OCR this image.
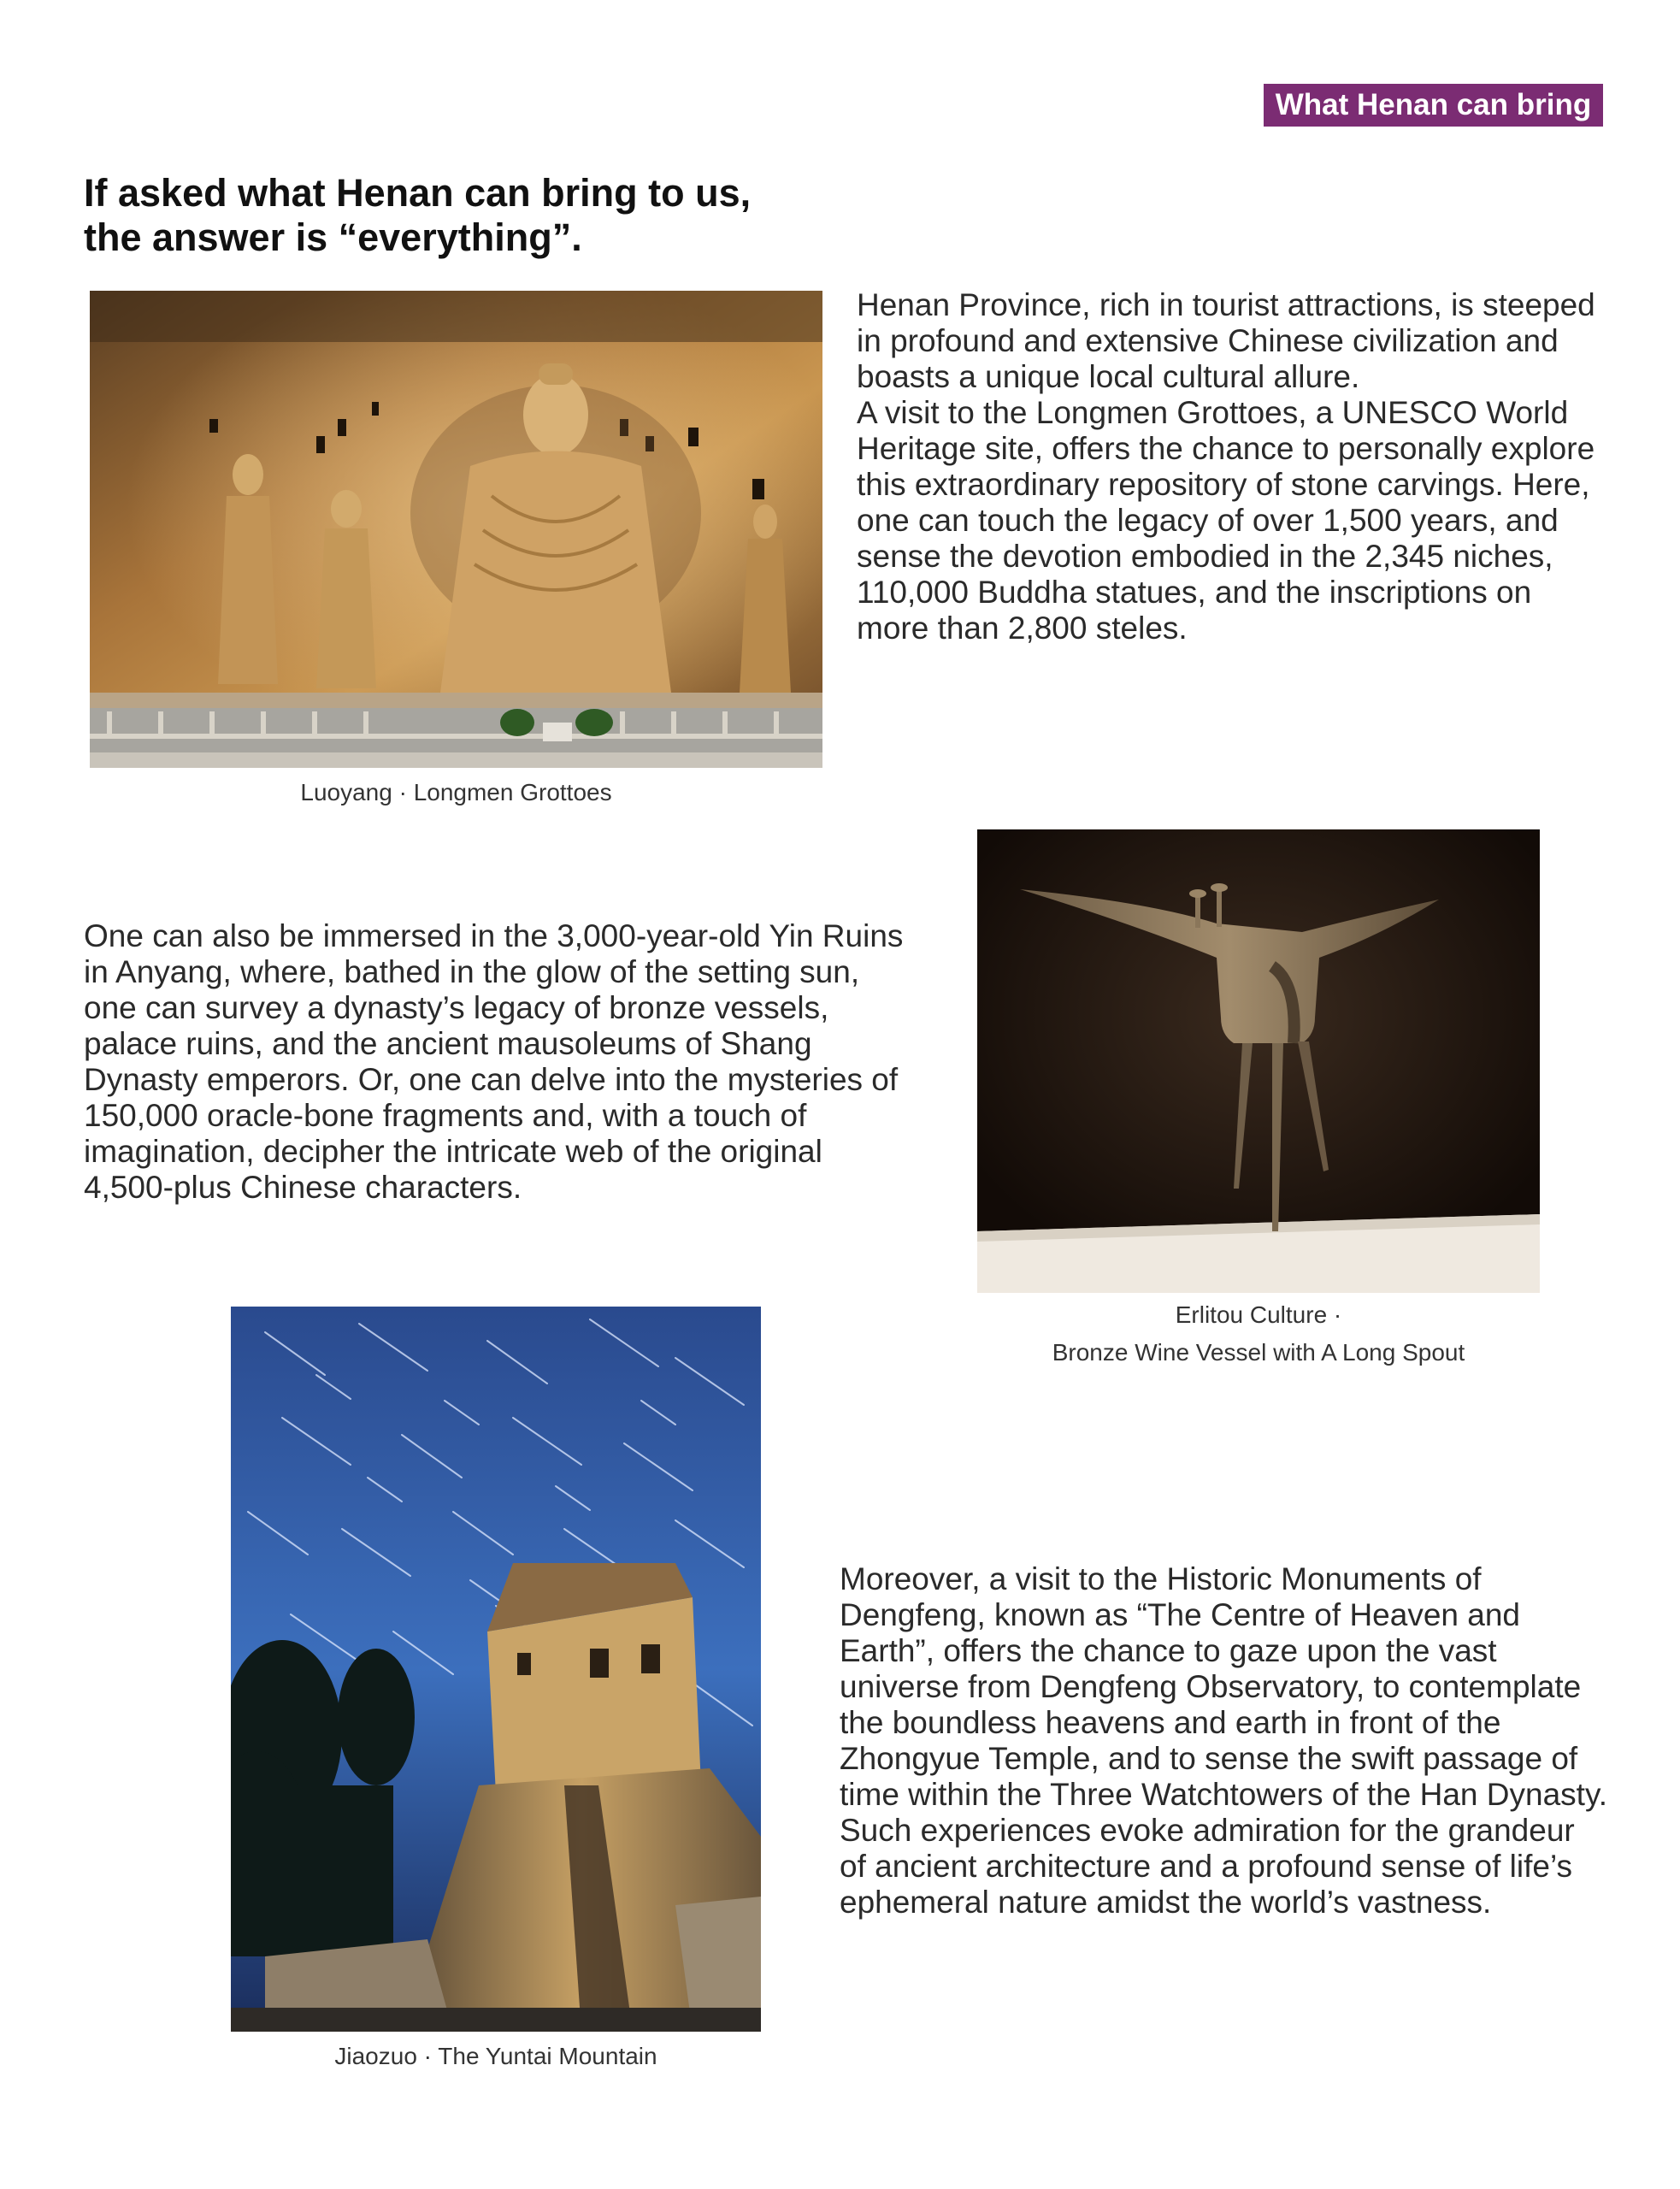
What Henan can bring
If asked what Henan can bring to us,
the answer is “everything”.
Luoyang · Longmen Grottoes

Henan Province, rich in tourist attractions, is steeped in profound and extensive Chinese civilization and boasts a unique local cultural allure.

A visit to the Longmen Grottoes, a UNESCO World Heritage site, offers the chance to personally explore this extraordinary repository of stone carvings. Here, one can touch the legacy of over 1,500 years, and sense the devotion embodied in the 2,345 niches, 110,000 Buddha statues, and the inscriptions on more than 2,800 steles.

One can also be immersed in the 3,000-year-old Yin Ruins in Anyang, where, bathed in the glow of the setting sun, one can survey a dynasty’s legacy of bronze vessels, palace ruins, and the ancient mausoleums of Shang Dynasty emperors. Or, one can delve into the mysteries of 150,000 oracle-bone fragments and, with a touch of imagination, decipher the intricate web of the original 4,500-plus Chinese characters.
Erlitou Culture ·
Bronze Wine Vessel with A Long Spout
Jiaozuo · The Yuntai Mountain
Moreover, a visit to the Historic Monuments of Dengfeng, known as “The Centre of Heaven and Earth”, offers the chance to gaze upon the vast universe from Dengfeng Observatory, to contemplate the boundless heavens and earth in front of the Zhongyue Temple, and to sense the swift passage of time within the Three Watchtowers of the Han Dynasty. Such experiences evoke admiration for the grandeur of ancient architecture and a profound sense of life’s ephemeral nature amidst the world’s vastness.
